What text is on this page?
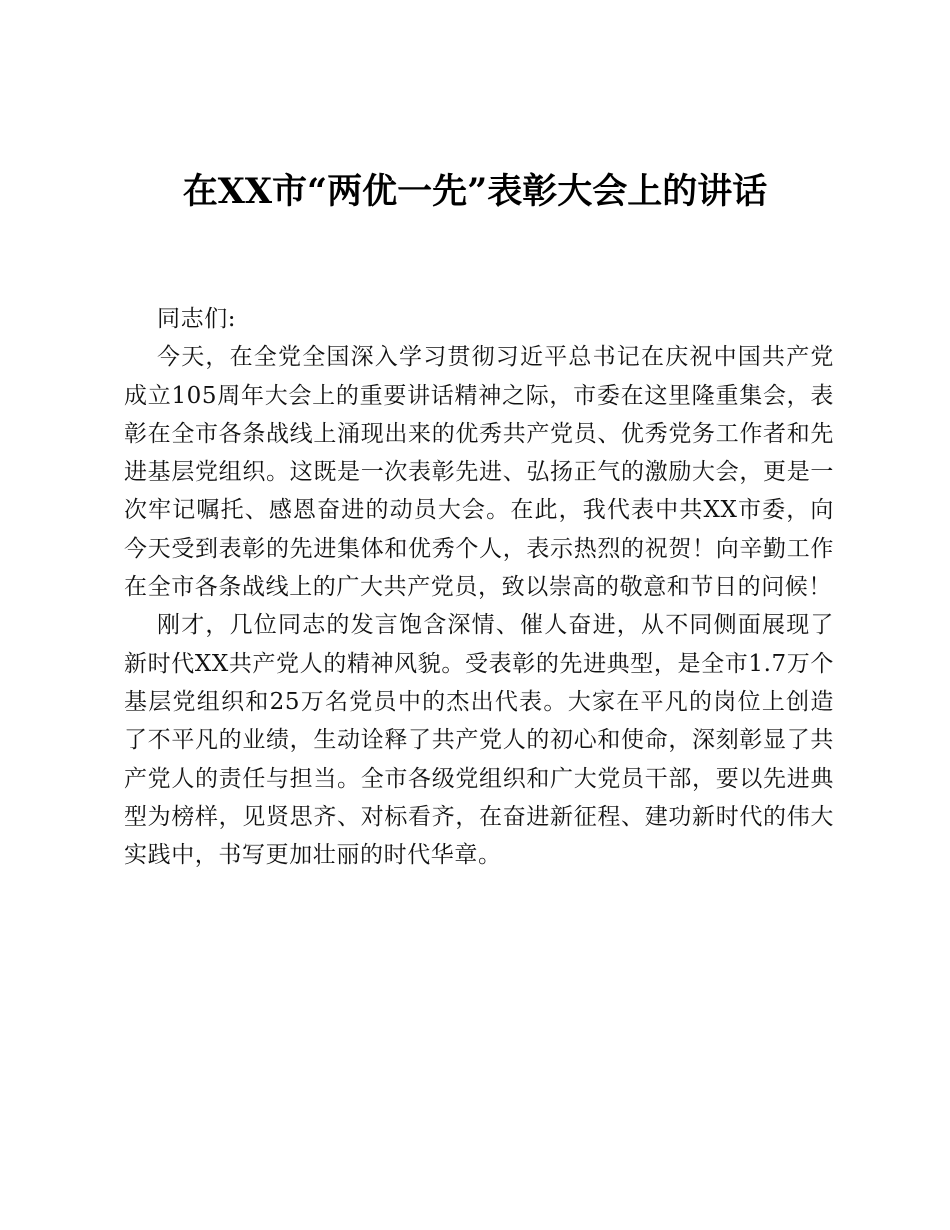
在XX市“两优一先”表彰大会上的讲话

同志们:

今天，在全党全国深入学习贯彻习近平总书记在庆祝中国共产党成立105周年大会上的重要讲话精神之际，市委在这里隆重集会，表彰在全市各条战线上涌现出来的优秀共产党员、优秀党务工作者和先进基层党组织。这既是一次表彰先进、弘扬正气的激励大会，更是一次牢记嘱托、感恩奋进的动员大会。在此，我代表中共XX市委，向今天受到表彰的先进集体和优秀个人，表示热烈的祝贺！向辛勤工作在全市各条战线上的广大共产党员，致以崇高的敬意和节日的问候！

刚才，几位同志的发言饱含深情、催人奋进，从不同侧面展现了新时代XX共产党人的精神风貌。受表彰的先进典型，是全市1.7万个基层党组织和25万名党员中的杰出代表。大家在平凡的岗位上创造了不平凡的业绩，生动诠释了共产党人的初心和使命，深刻彰显了共产党人的责任与担当。全市各级党组织和广大党员干部，要以先进典型为榜样，见贤思齐、对标看齐，在奋进新征程、建功新时代的伟大实践中，书写更加壮丽的时代华章。
